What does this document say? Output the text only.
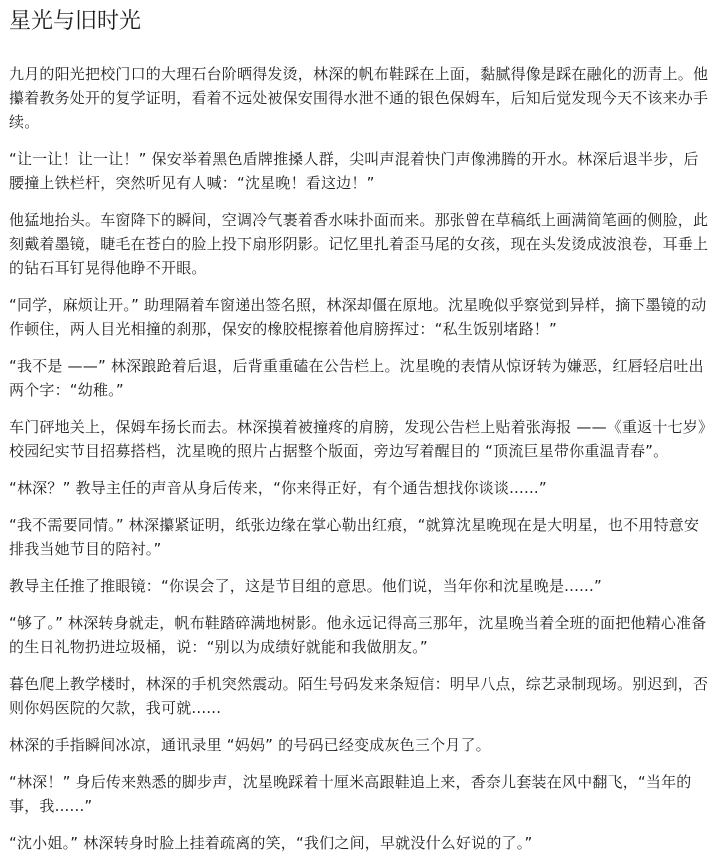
星光与旧时光

九月的阳光把校门口的大理石台阶晒得发烫，林深的帆布鞋踩在上面，黏腻得像是踩在融化的沥青上。他攥着教务处开的复学证明，看着不远处被保安围得水泄不通的银色保姆车，后知后觉发现今天不该来办手续。

“让一让！让一让！” 保安举着黑色盾牌推搡人群，尖叫声混着快门声像沸腾的开水。林深后退半步，后腰撞上铁栏杆，突然听见有人喊：“沈星晚！看这边！”

他猛地抬头。车窗降下的瞬间，空调冷气裹着香水味扑面而来。那张曾在草稿纸上画满简笔画的侧脸，此刻戴着墨镜，睫毛在苍白的脸上投下扇形阴影。记忆里扎着歪马尾的女孩，现在头发烫成波浪卷，耳垂上的钻石耳钉晃得他睁不开眼。

“同学，麻烦让开。” 助理隔着车窗递出签名照，林深却僵在原地。沈星晚似乎察觉到异样，摘下墨镜的动作顿住，两人目光相撞的刹那，保安的橡胶棍擦着他肩膀挥过：“私生饭别堵路！”

“我不是 ——” 林深踉跄着后退，后背重重磕在公告栏上。沈星晚的表情从惊讶转为嫌恶，红唇轻启吐出两个字：“幼稚。”

车门砰地关上，保姆车扬长而去。林深摸着被撞疼的肩膀，发现公告栏上贴着张海报 ——《重返十七岁》校园纪实节目招募搭档，沈星晚的照片占据整个版面，旁边写着醒目的 “顶流巨星带你重温青春”。

“林深？” 教导主任的声音从身后传来，“你来得正好，有个通告想找你谈谈......”

“我不需要同情。” 林深攥紧证明，纸张边缘在掌心勒出红痕，“就算沈星晚现在是大明星，也不用特意安排我当她节目的陪衬。”

教导主任推了推眼镜：“你误会了，这是节目组的意思。他们说，当年你和沈星晚是......”

“够了。” 林深转身就走，帆布鞋踏碎满地树影。他永远记得高三那年，沈星晚当着全班的面把他精心准备的生日礼物扔进垃圾桶，说：“别以为成绩好就能和我做朋友。”

暮色爬上教学楼时，林深的手机突然震动。陌生号码发来条短信：明早八点，综艺录制现场。别迟到，否则你妈医院的欠款，我可就......

林深的手指瞬间冰凉，通讯录里 “妈妈” 的号码已经变成灰色三个月了。

“林深！” 身后传来熟悉的脚步声，沈星晚踩着十厘米高跟鞋追上来，香奈儿套装在风中翻飞，“当年的事，我......”

“沈小姐。” 林深转身时脸上挂着疏离的笑，“我们之间，早就没什么好说的了。”
